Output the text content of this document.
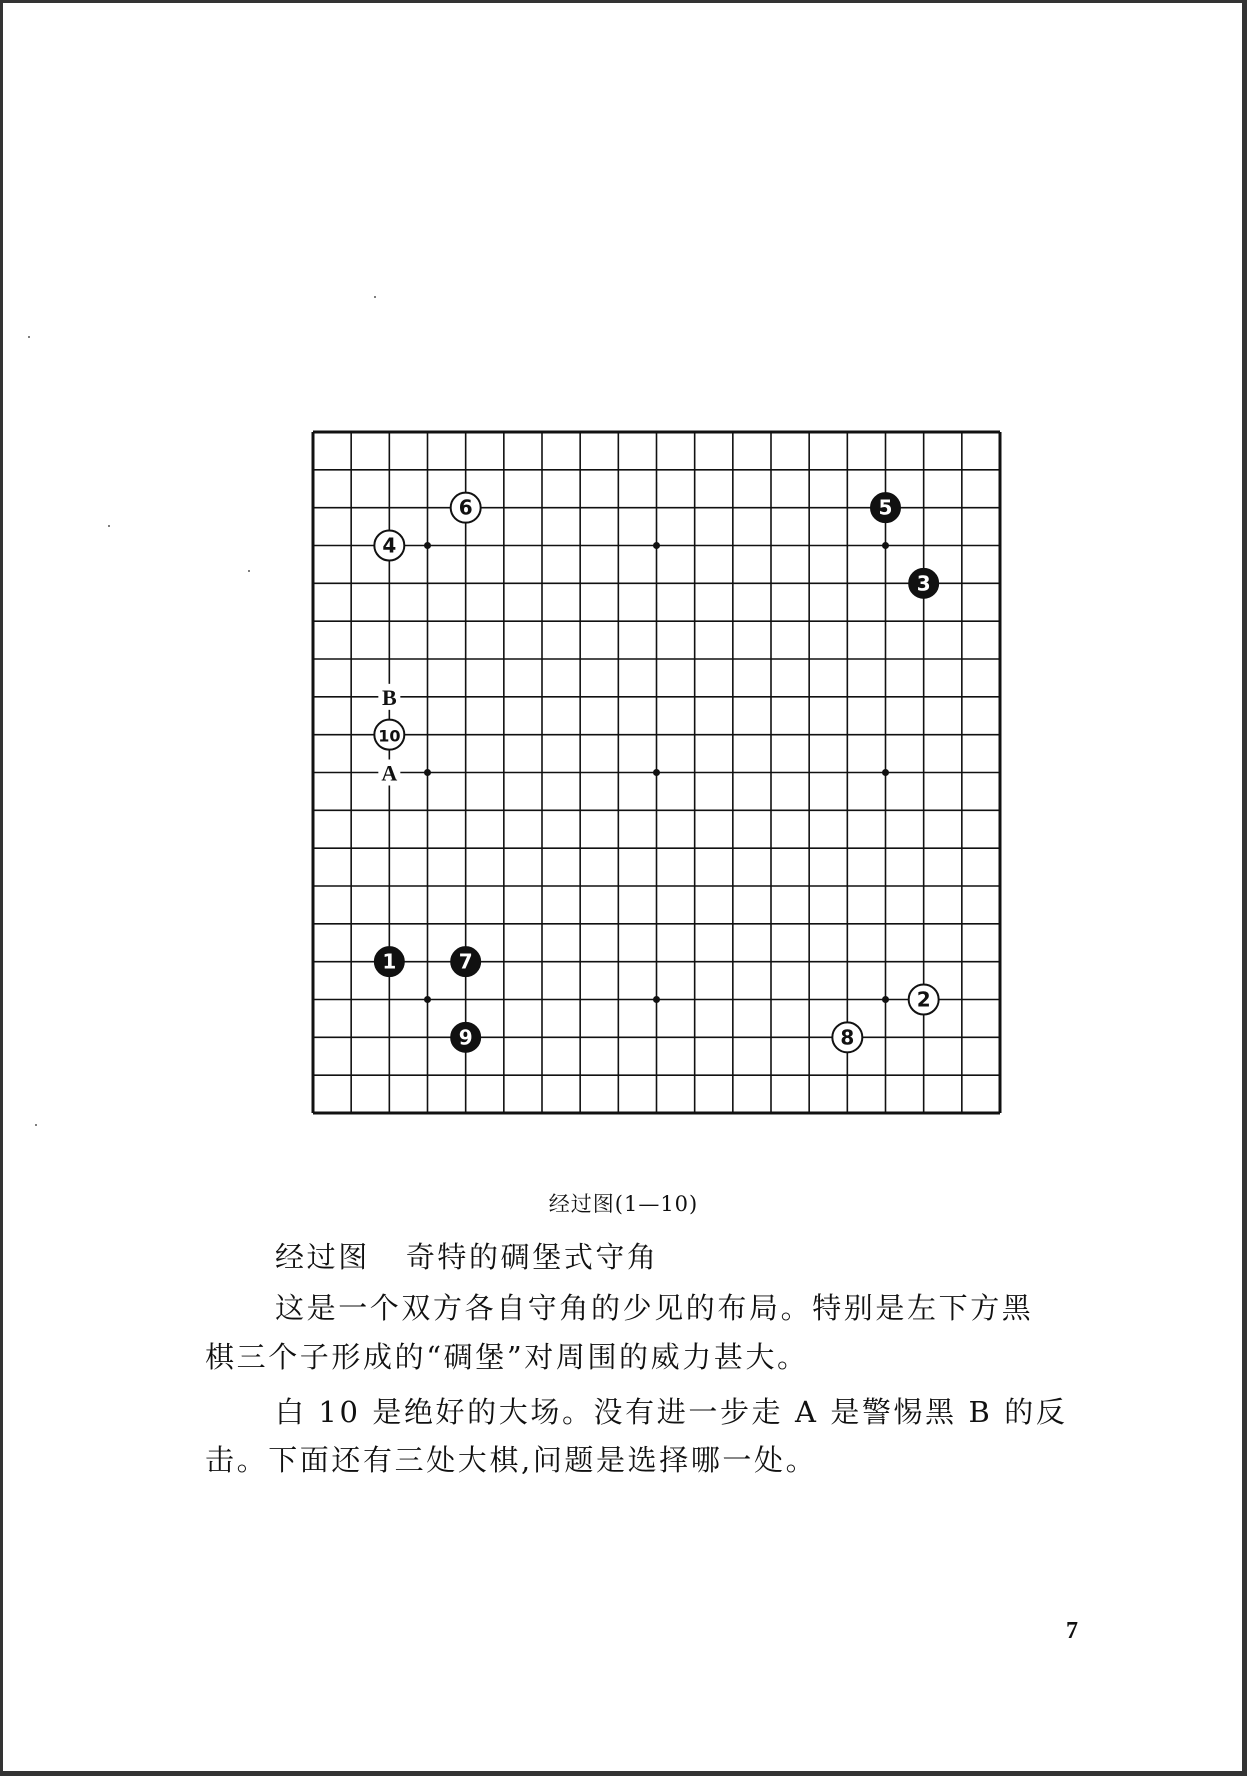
B
A
1
2
3
4
5
6
7
8
9
10
经过图(1—10)
经过图 奇特的碉堡式守角
这是一个双方各自守角的少见的布局。特别是左下方黑
棋三个子形成的“碉堡”对周围的威力甚大。
白 10 是绝好的大场。没有进一步走 A 是警惕黑 B 的反
击。下面还有三处大棋,问题是选择哪一处。
7
